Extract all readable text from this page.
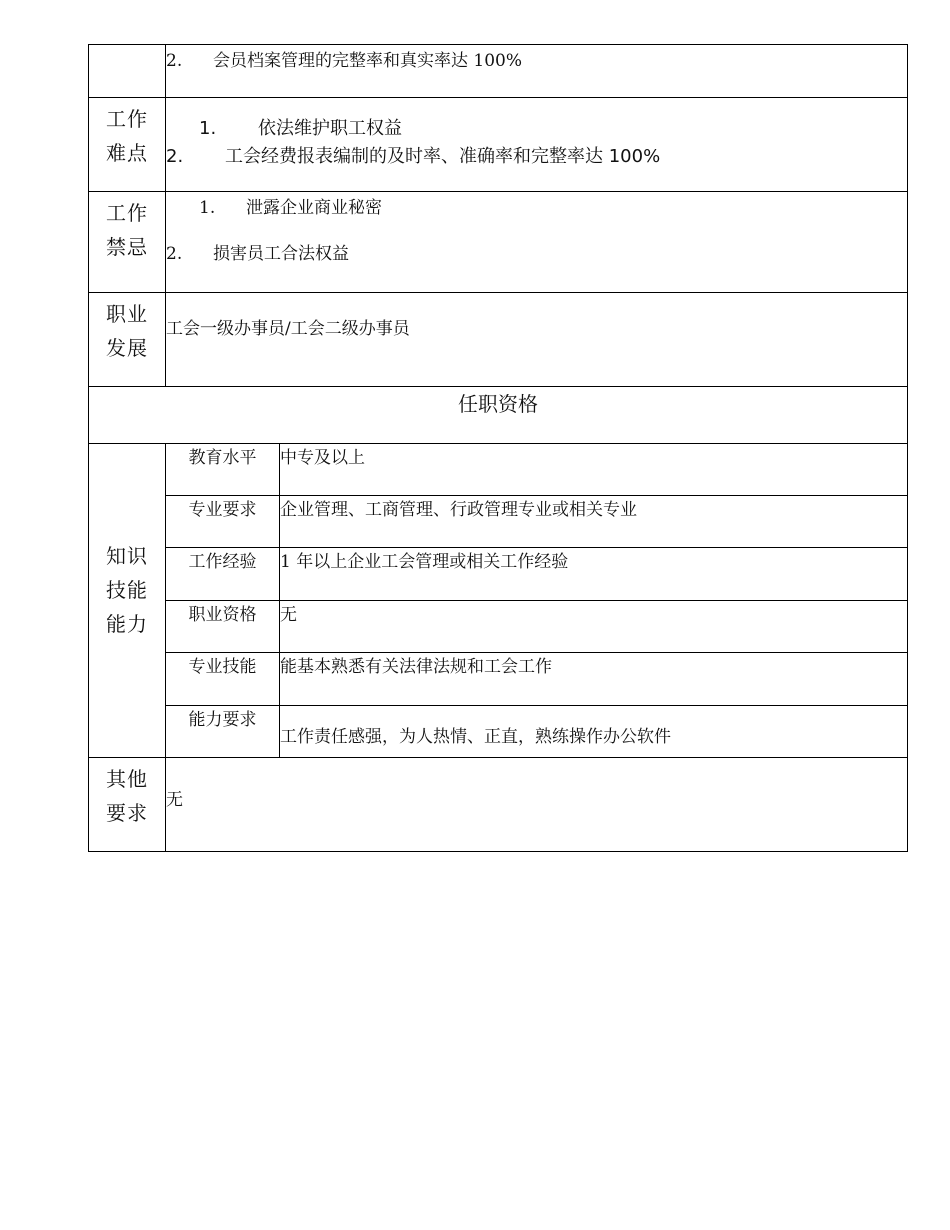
	2. 会员档案管理的完整率和真实率达 100%	

工作难点	1. 依法维护职工权益
2. 工会经费报表编制的及时率、准确率和完整率达 100%	

工作禁忌	1. 泄露企业商业秘密
2. 损害员工合法权益	

职业发展	工会一级办事员/工会二级办事员	

任职资格		

知识技能能力	教育水平	中专及以上
	专业要求	企业管理、工商管理、行政管理专业或相关专业
	工作经验	1 年以上企业工会管理或相关工作经验
	职业资格	无
	专业技能	能基本熟悉有关法律法规和工会工作
	能力要求	工作责任感强，为人热情、正直，熟练操作办公软件

其他要求	无	
